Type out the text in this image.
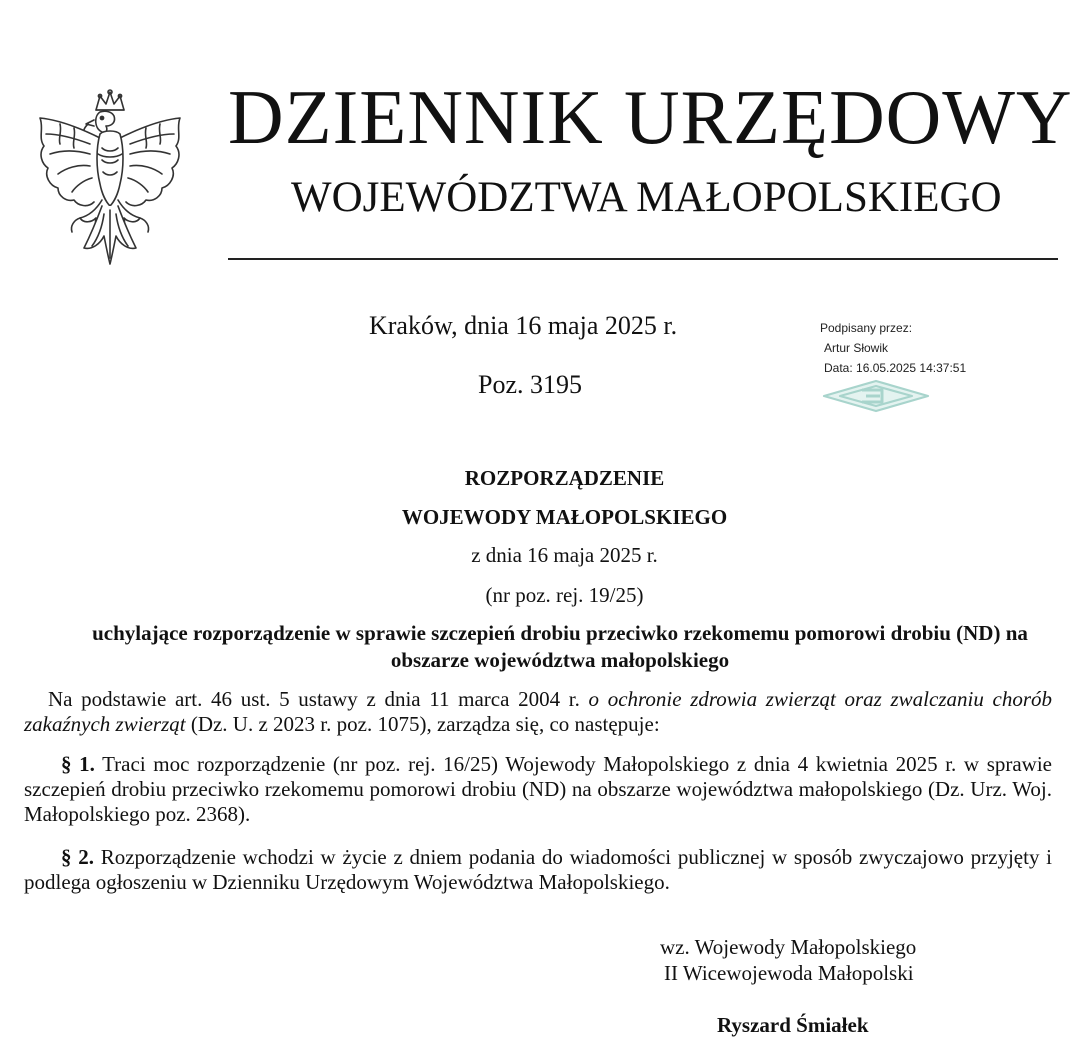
DZIENNIK URZĘDOWY
WOJEWÓDZTWA MAŁOPOLSKIEGO
Kraków, dnia 16 maja 2025 r.
Poz. 3195
Podpisany przez:
Artur Słowik
Data: 16.05.2025 14:37:51
ROZPORZĄDZENIE
WOJEWODY MAŁOPOLSKIEGO
z dnia 16 maja 2025 r.
(nr poz. rej. 19/25)
uchylające rozporządzenie w sprawie szczepień drobiu przeciwko rzekomemu pomorowi drobiu (ND) na obszarze województwa małopolskiego

Na podstawie art. 46 ust. 5 ustawy z dnia 11 marca 2004 r. o ochronie zdrowia zwierząt oraz zwalczaniu chorób zakaźnych zwierząt (Dz. U. z 2023 r. poz. 1075), zarządza się, co następuje:

§ 1. Traci moc rozporządzenie (nr poz. rej. 16/25) Wojewody Małopolskiego z dnia 4 kwietnia 2025 r. w sprawie szczepień drobiu przeciwko rzekomemu pomorowi drobiu (ND) na obszarze województwa małopolskiego (Dz. Urz. Woj. Małopolskiego poz. 2368).

§ 2. Rozporządzenie wchodzi w życie z dniem podania do wiadomości publicznej w sposób zwyczajowo przyjęty i podlega ogłoszeniu w Dzienniku Urzędowym Województwa Małopolskiego.

wz. Wojewody Małopolskiego
II Wicewojewoda Małopolski
Ryszard Śmiałek
